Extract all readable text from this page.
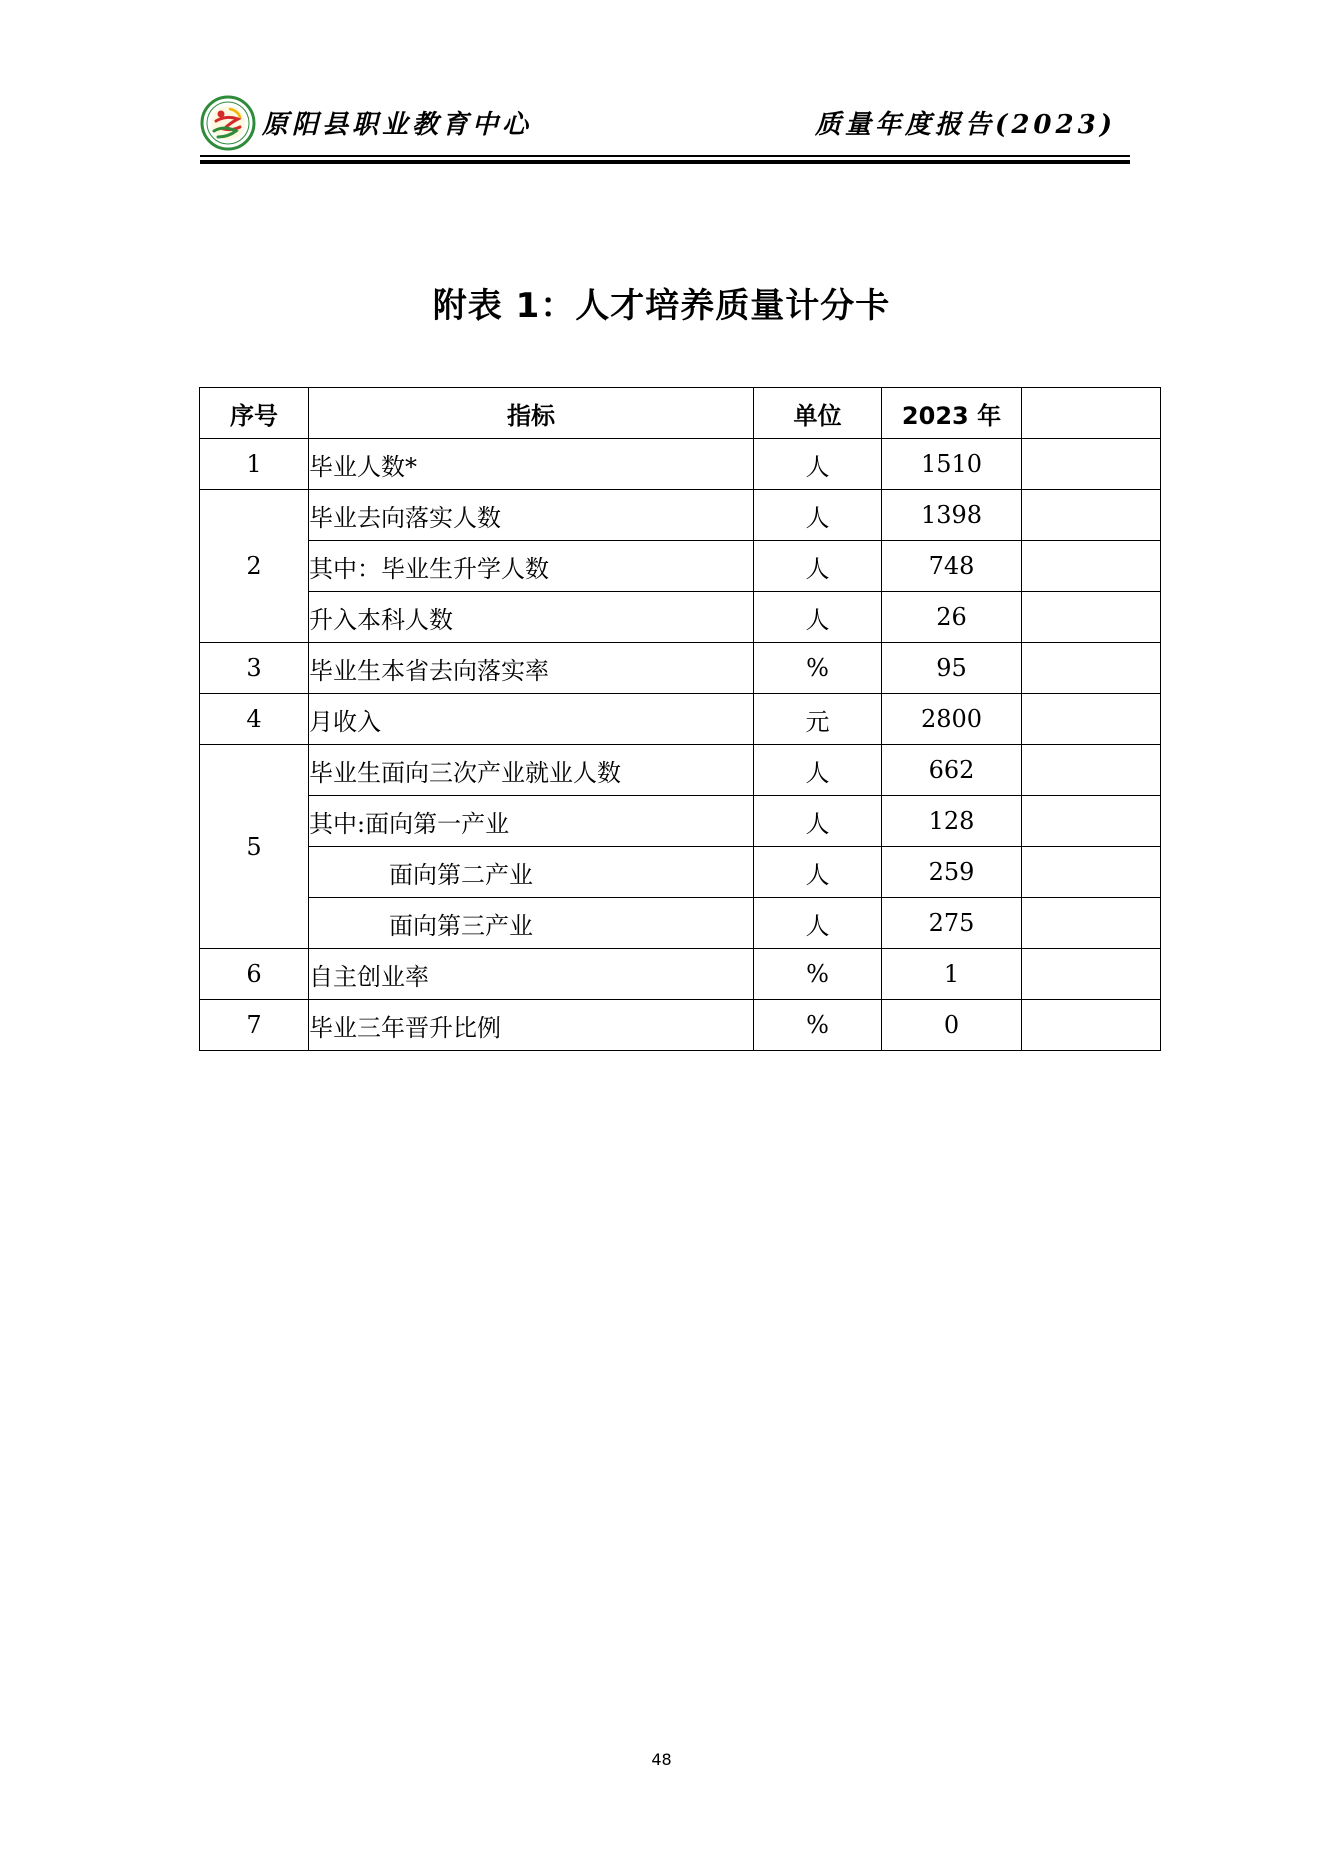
原阳县职业教育中心	质量年度报告(2023)
附表 1：人才培养质量计分卡
序号	指标	单位	2023 年	
1	毕业人数*	人	1510	
2	毕业去向落实人数	人	1398	
	其中：毕业生升学人数	人	748	
	升入本科人数	人	26	
3	毕业生本省去向落实率	%	95	
4	月收入	元	2800	
5	毕业生面向三次产业就业人数	人	662	
	其中:面向第一产业	人	128	
	面向第二产业	人	259	
	面向第三产业	人	275	
6	自主创业率	%	1	
7	毕业三年晋升比例	%	0	
48
